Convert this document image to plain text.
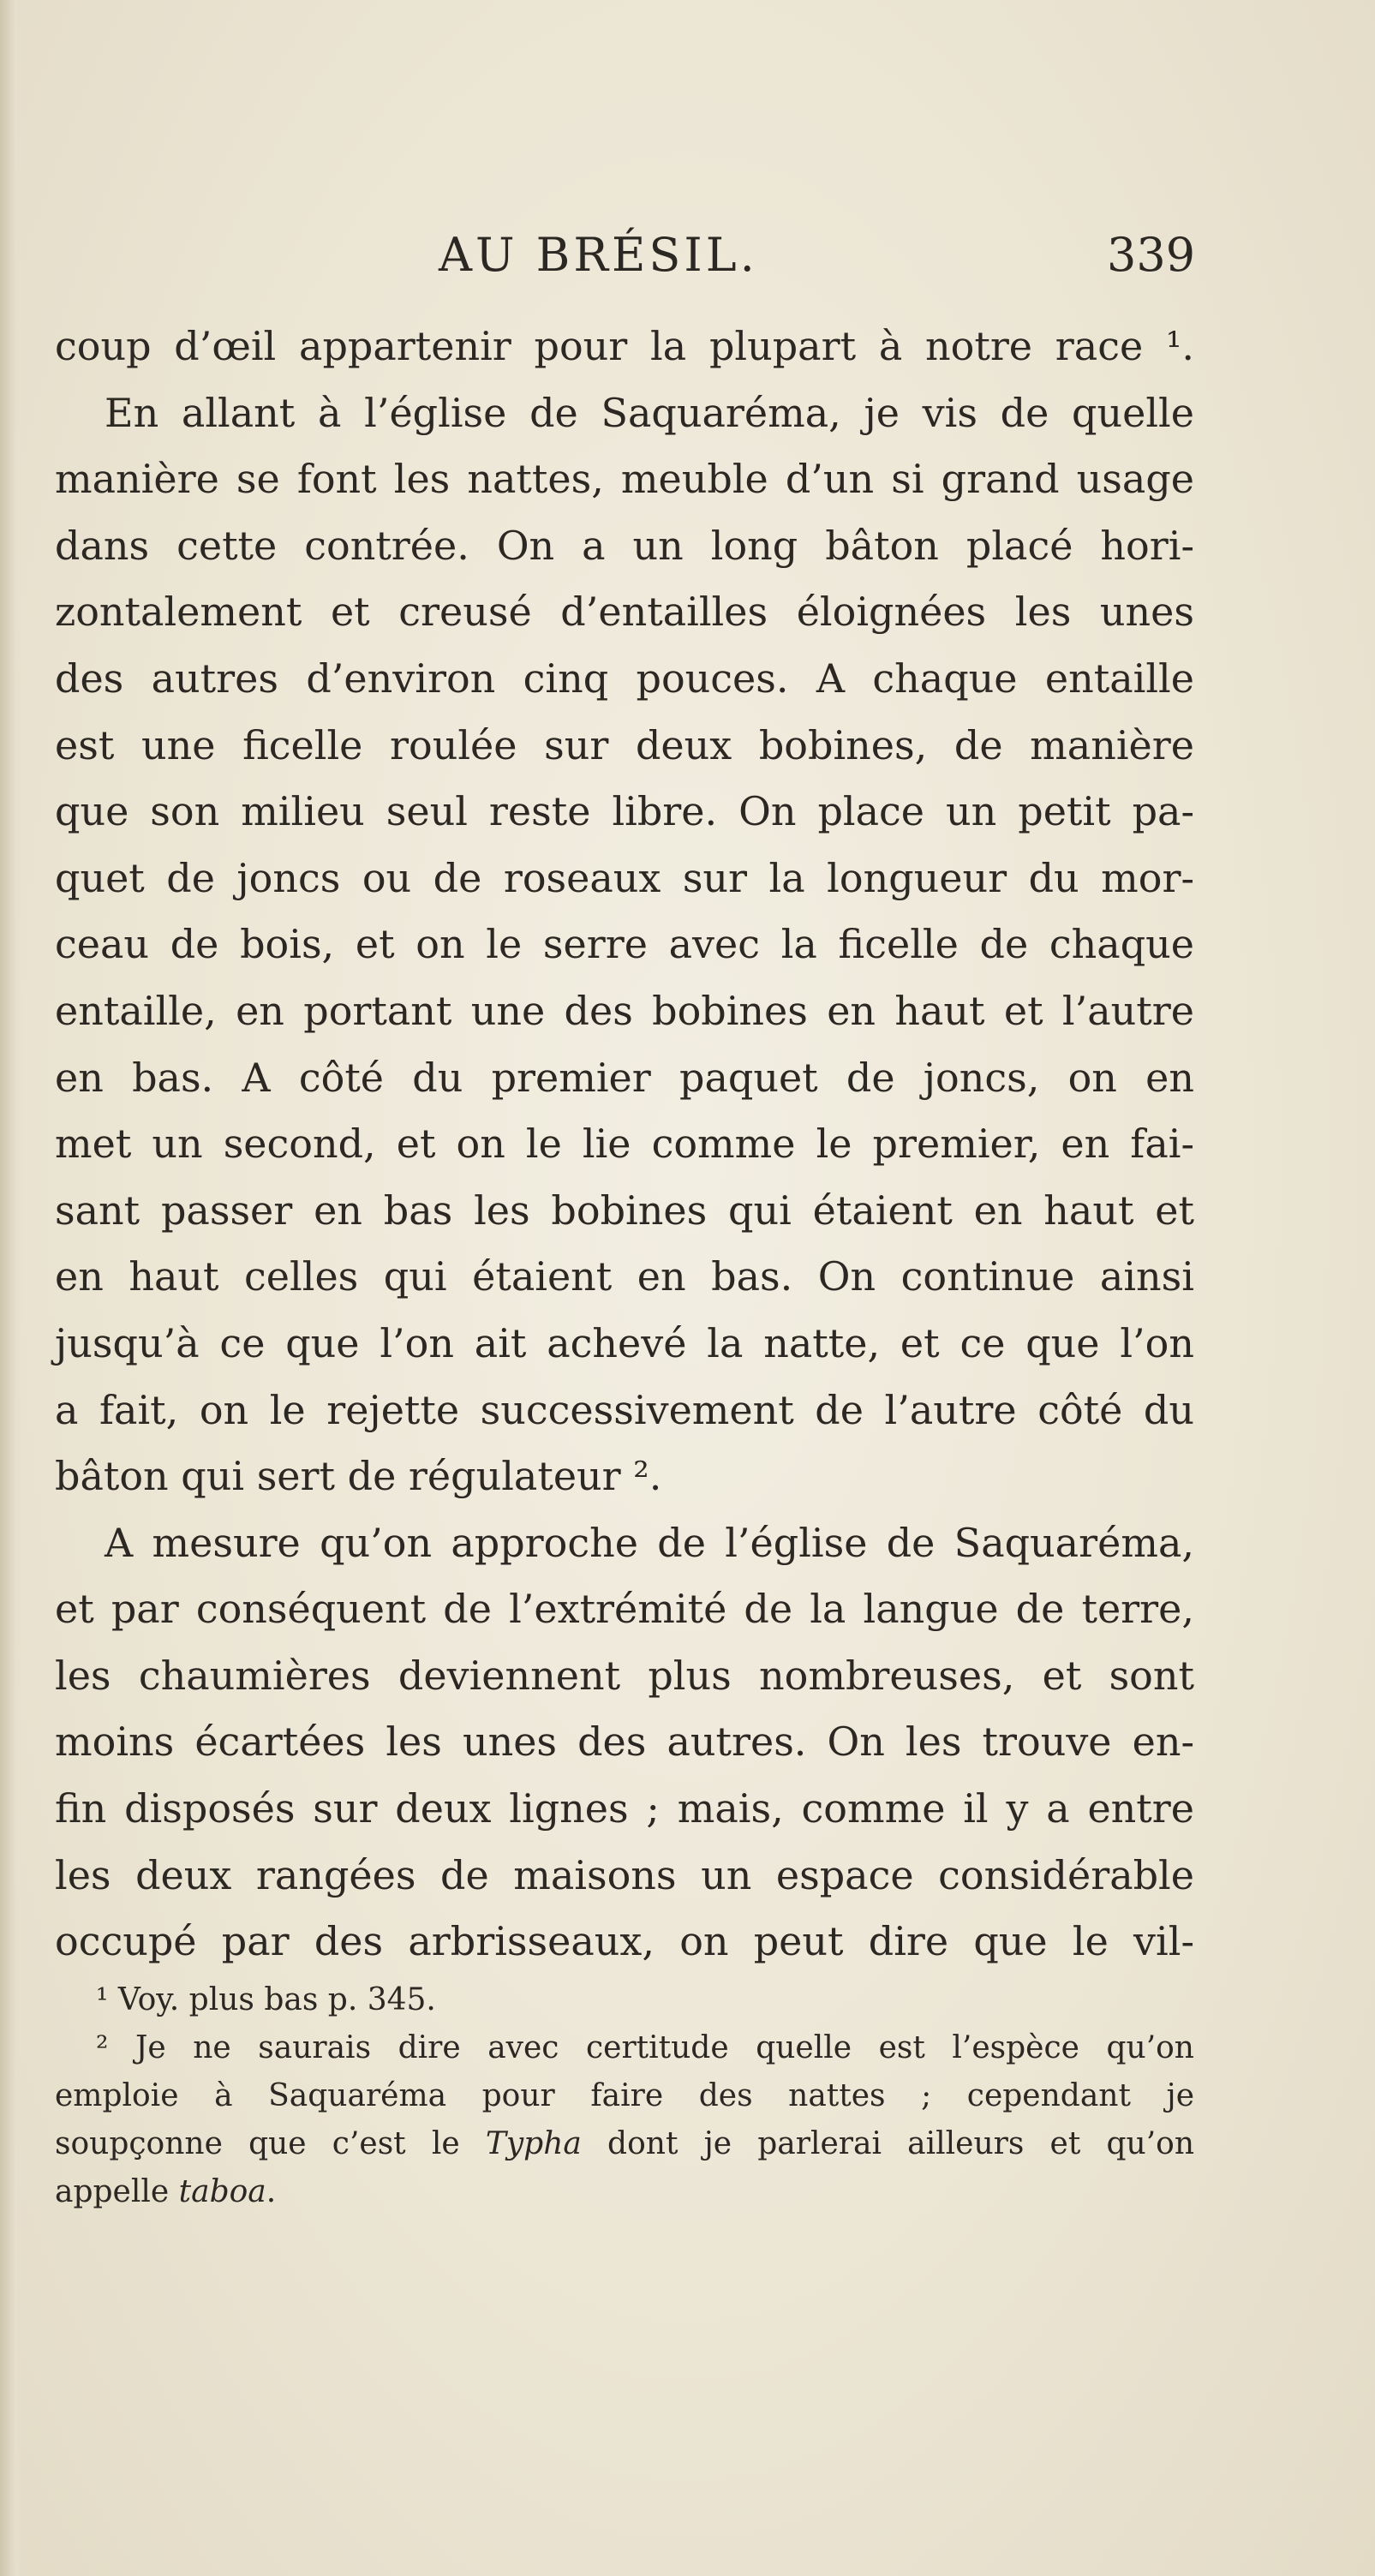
AU BRÉSIL.	339
coup d’œil appartenir pour la plupart à notre race ¹.
En allant à l’église de Saquaréma, je vis de quelle
manière se font les nattes, meuble d’un si grand usage
dans cette contrée. On a un long bâton placé hori-
zontalement et creusé d’entailles éloignées les unes
des autres d’environ cinq pouces. A chaque entaille
est une ficelle roulée sur deux bobines, de manière
que son milieu seul reste libre. On place un petit pa-
quet de joncs ou de roseaux sur la longueur du mor-
ceau de bois, et on le serre avec la ficelle de chaque
entaille, en portant une des bobines en haut et l’autre
en bas. A côté du premier paquet de joncs, on en
met un second, et on le lie comme le premier, en fai-
sant passer en bas les bobines qui étaient en haut et
en haut celles qui étaient en bas. On continue ainsi
jusqu’à ce que l’on ait achevé la natte, et ce que l’on
a fait, on le rejette successivement de l’autre côté du
bâton qui sert de régulateur ².
A mesure qu’on approche de l’église de Saquaréma,
et par conséquent de l’extrémité de la langue de terre,
les chaumières deviennent plus nombreuses, et sont
moins écartées les unes des autres. On les trouve en-
fin disposés sur deux lignes ; mais, comme il y a entre
les deux rangées de maisons un espace considérable
occupé par des arbrisseaux, on peut dire que le vil-
¹ Voy. plus bas p. 345.
² Je ne saurais dire avec certitude quelle est l’espèce qu’on
emploie à Saquaréma pour faire des nattes ; cependant je
soupçonne que c’est le Typha dont je parlerai ailleurs et qu’on
appelle taboa.
